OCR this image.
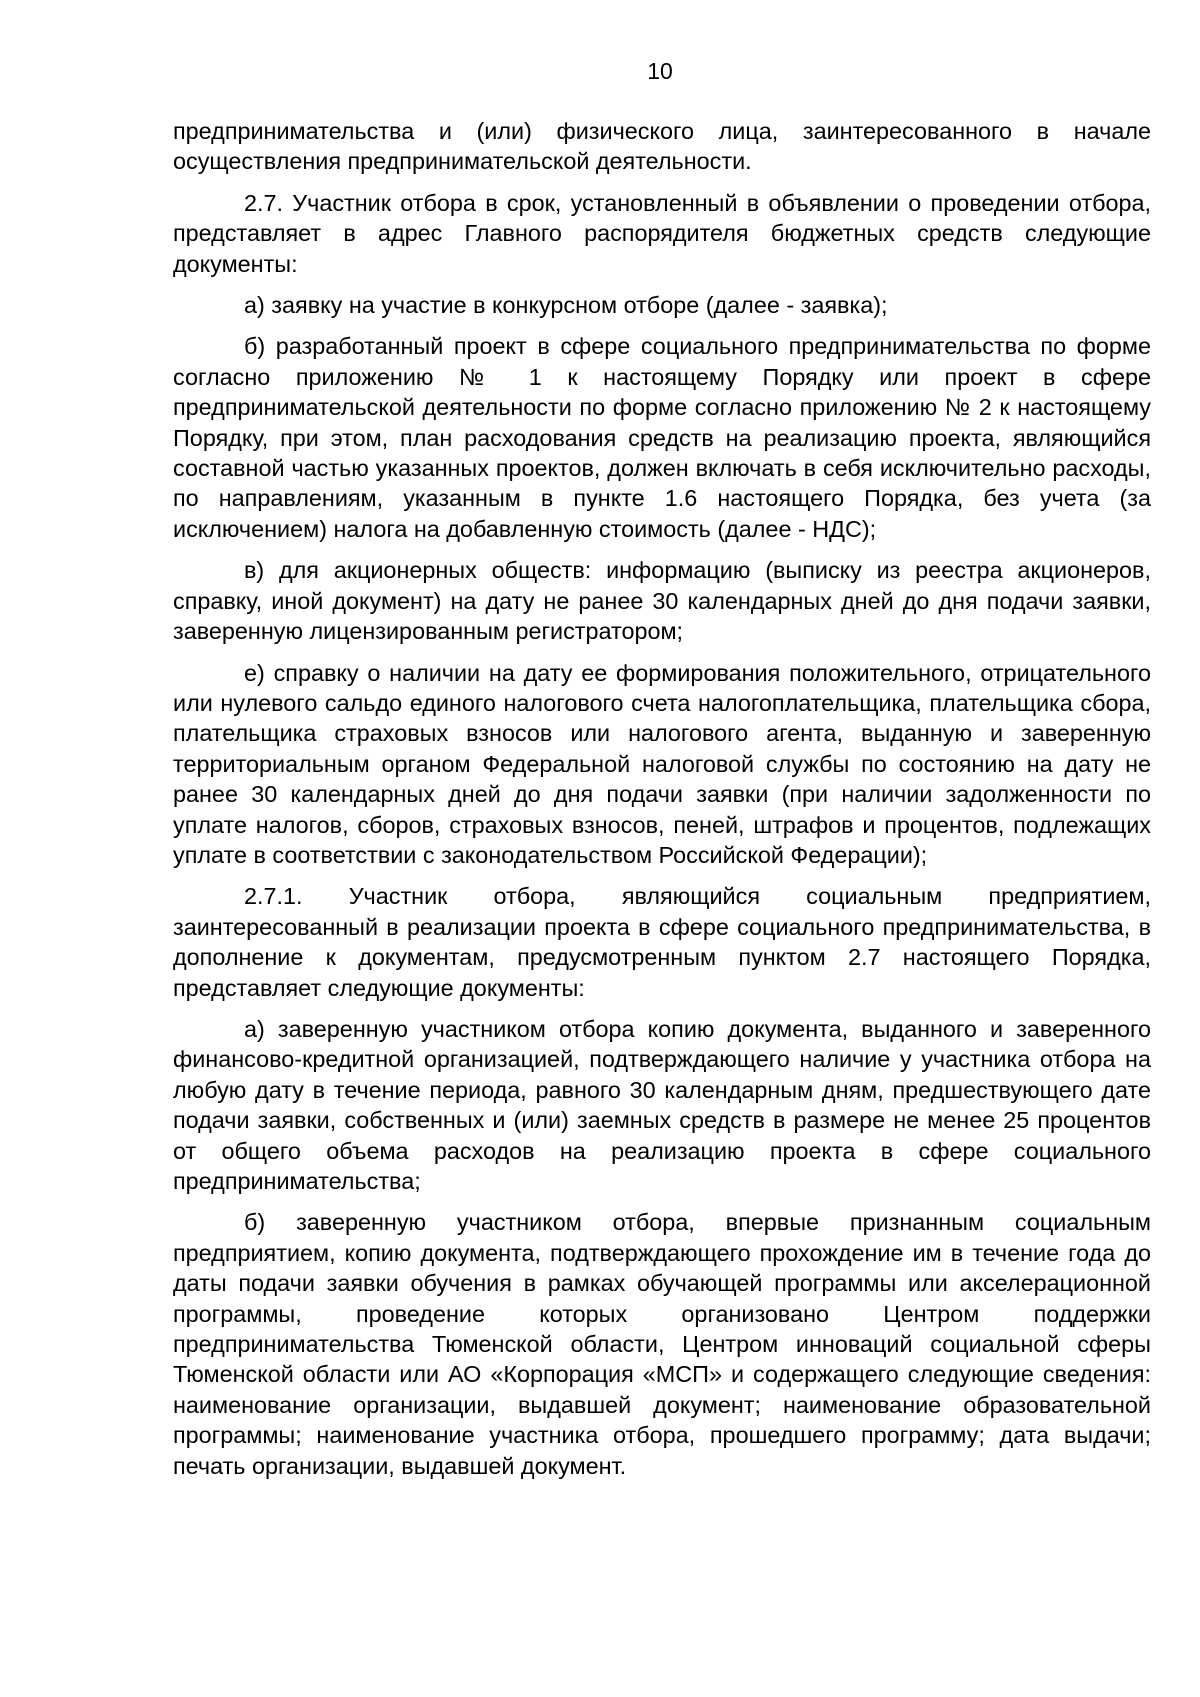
10

предпринимательства и (или) физического лица, заинтересованного в начале осуществления предпринимательской деятельности.

2.7. Участник отбора в срок, установленный в объявлении о проведении отбора, представляет в адрес Главного распорядителя бюджетных средств следующие документы:

а) заявку на участие в конкурсном отборе (далее - заявка);

б) разработанный проект в сфере социального предпринимательства по форме согласно приложению № 1 к настоящему Порядку или проект в сфере предпринимательской деятельности по форме согласно приложению № 2 к настоящему Порядку, при этом, план расходования средств на реализацию проекта, являющийся составной частью указанных проектов, должен включать в себя исключительно расходы, по направлениям, указанным в пункте 1.6 настоящего Порядка, без учета (за исключением) налога на добавленную стоимость (далее - НДС);

в) для акционерных обществ: информацию (выписку из реестра акционеров, справку, иной документ) на дату не ранее 30 календарных дней до дня подачи заявки, заверенную лицензированным регистратором;

е) справку о наличии на дату ее формирования положительного, отрицательного или нулевого сальдо единого налогового счета налогоплательщика, плательщика сбора, плательщика страховых взносов или налогового агента, выданную и заверенную территориальным органом Федеральной налоговой службы по состоянию на дату не ранее 30 календарных дней до дня подачи заявки (при наличии задолженности по уплате налогов, сборов, страховых взносов, пеней, штрафов и процентов, подлежащих уплате в соответствии с законодательством Российской Федерации);

2.7.1. Участник отбора, являющийся социальным предприятием, заинтересованный в реализации проекта в сфере социального предпринимательства, в дополнение к документам, предусмотренным пунктом 2.7 настоящего Порядка, представляет следующие документы:

а) заверенную участником отбора копию документа, выданного и заверенного финансово-кредитной организацией, подтверждающего наличие у участника отбора на любую дату в течение периода, равного 30 календарным дням, предшествующего дате подачи заявки, собственных и (или) заемных средств в размере не менее 25 процентов от общего объема расходов на реализацию проекта в сфере социального предпринимательства;

б) заверенную участником отбора, впервые признанным социальным предприятием, копию документа, подтверждающего прохождение им в течение года до даты подачи заявки обучения в рамках обучающей программы или акселерационной программы, проведение которых организовано Центром поддержки предпринимательства Тюменской области, Центром инноваций социальной сферы Тюменской области или АО «Корпорация «МСП» и содержащего следующие сведения: наименование организации, выдавшей документ; наименование образовательной программы; наименование участника отбора, прошедшего программу; дата выдачи; печать организации, выдавшей документ.
